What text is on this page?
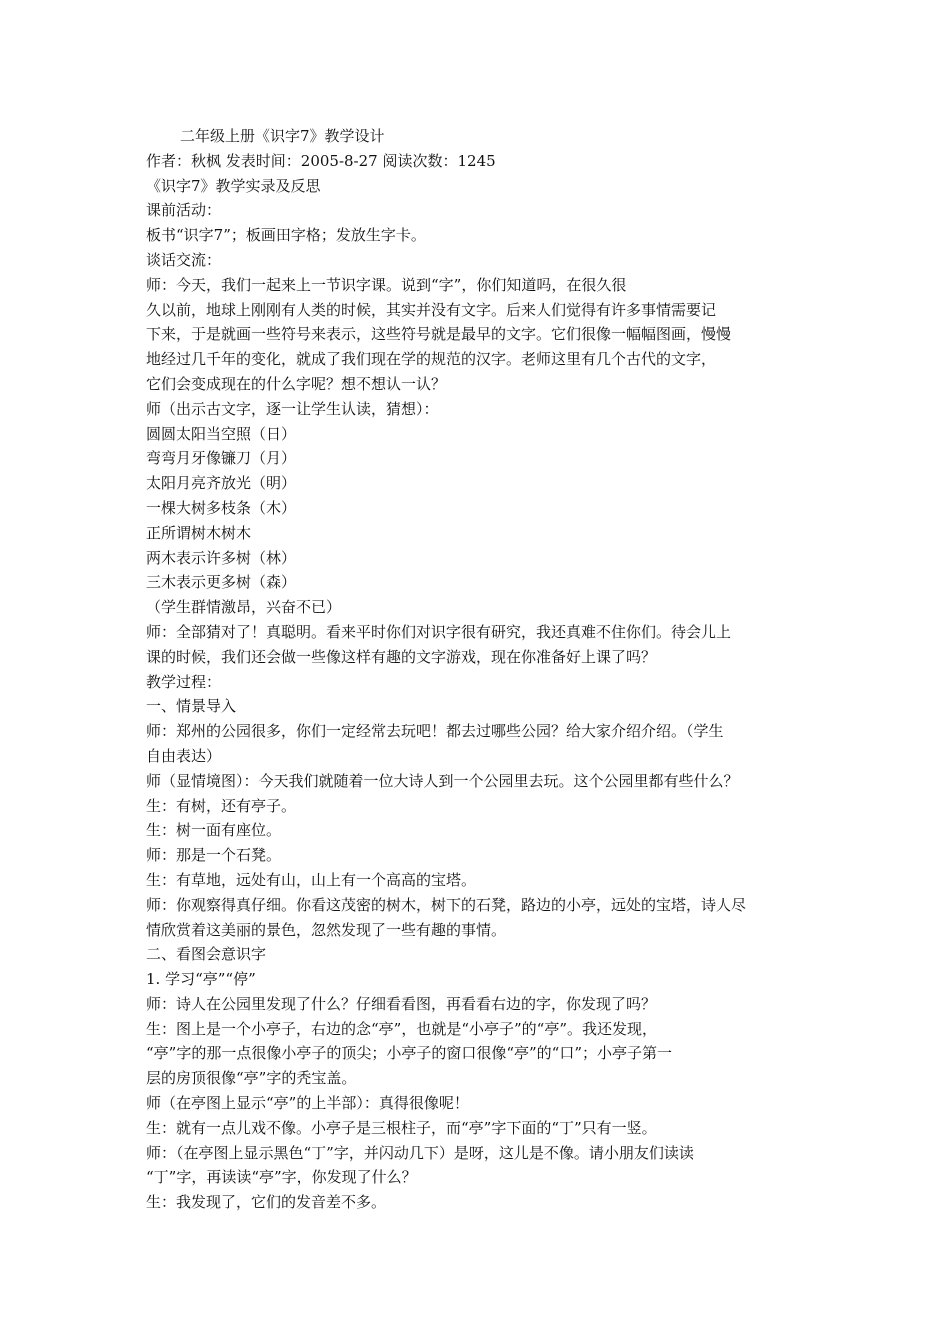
二年级上册《识字7》教学设计
作者：秋枫 发表时间：2005-8-27 阅读次数：1245
《识字7》教学实录及反思
课前活动：
板书“识字7”；板画田字格；发放生字卡。
谈话交流：
师：今天，我们一起来上一节识字课。说到“字”，你们知道吗，在很久很
久以前，地球上刚刚有人类的时候，其实并没有文字。后来人们觉得有许多事情需要记
下来，于是就画一些符号来表示，这些符号就是最早的文字。它们很像一幅幅图画，慢慢
地经过几千年的变化，就成了我们现在学的规范的汉字。老师这里有几个古代的文字，
它们会变成现在的什么字呢？想不想认一认？
师（出示古文字，逐一让学生认读，猜想）：
圆圆太阳当空照（日）
弯弯月牙像镰刀（月）
太阳月亮齐放光（明）
一棵大树多枝条（木）
正所谓树木树木
两木表示许多树（林）
三木表示更多树（森）
（学生群情激昂，兴奋不已）
师：全部猜对了！真聪明。看来平时你们对识字很有研究，我还真难不住你们。待会儿上
课的时候，我们还会做一些像这样有趣的文字游戏，现在你准备好上课了吗？
教学过程：
一、情景导入
师：郑州的公园很多，你们一定经常去玩吧！都去过哪些公园？给大家介绍介绍。（学生
自由表达）
师（显情境图）：今天我们就随着一位大诗人到一个公园里去玩。这个公园里都有些什么？
生：有树，还有亭子。
生：树一面有座位。
师：那是一个石凳。
生：有草地，远处有山，山上有一个高高的宝塔。
师：你观察得真仔细。你看这茂密的树木，树下的石凳，路边的小亭，远处的宝塔，诗人尽
情欣赏着这美丽的景色，忽然发现了一些有趣的事情。
二、看图会意识字
1. 学习“亭”“停”
师：诗人在公园里发现了什么？仔细看看图，再看看右边的字，你发现了吗？
生：图上是一个小亭子，右边的念“亭”，也就是“小亭子”的“亭”。我还发现，
“亭”字的那一点很像小亭子的顶尖；小亭子的窗口很像“亭”的“口”；小亭子第一
层的房顶很像“亭”字的秃宝盖。
师（在亭图上显示“亭”的上半部）：真得很像呢！
生：就有一点儿戏不像。小亭子是三根柱子，而“亭”字下面的“丁”只有一竖。
师：（在亭图上显示黑色“丁”字，并闪动几下）是呀，这儿是不像。请小朋友们读读
“丁”字，再读读“亭”字，你发现了什么？
生：我发现了，它们的发音差不多。
